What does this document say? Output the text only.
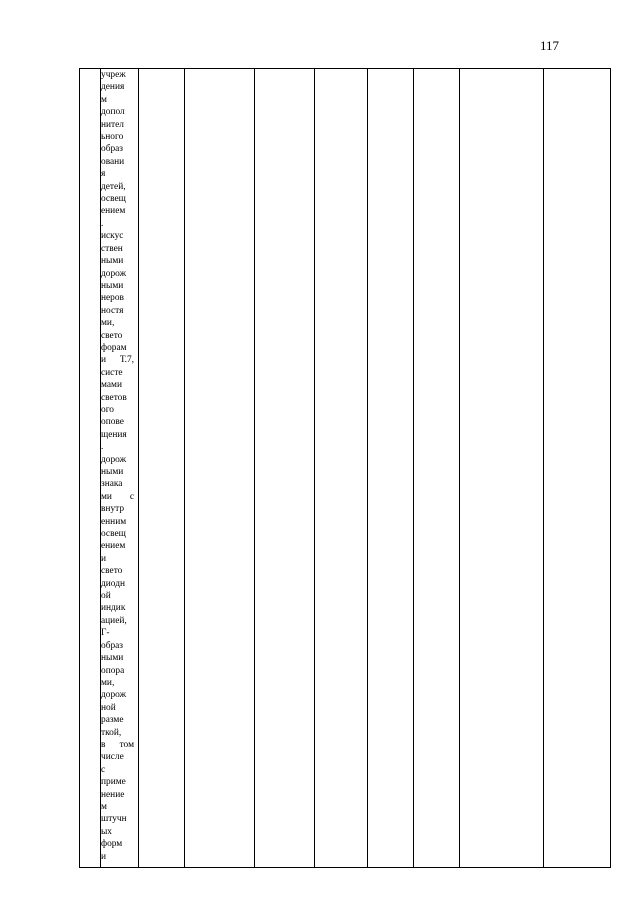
117

учреж
дения
м
допол
нител
ьного
образ
овани
я
детей,
освещ
ением
.
искус
ствен
ными
дорож
ными
неров
ностя
ми,
свето
форам
и Т.7,
систе
мами
светов
ого
опове
щения
.
дорож
ными
знака
ми с
внутр
енним
освещ
ением
и
свето
диодн
ой
индик
ацией,
Г-
образ
ными
опора
ми,
дорож
ной
разме
ткой,
в том
числе
с
приме
нение
м
штучн
ых
форм
и
